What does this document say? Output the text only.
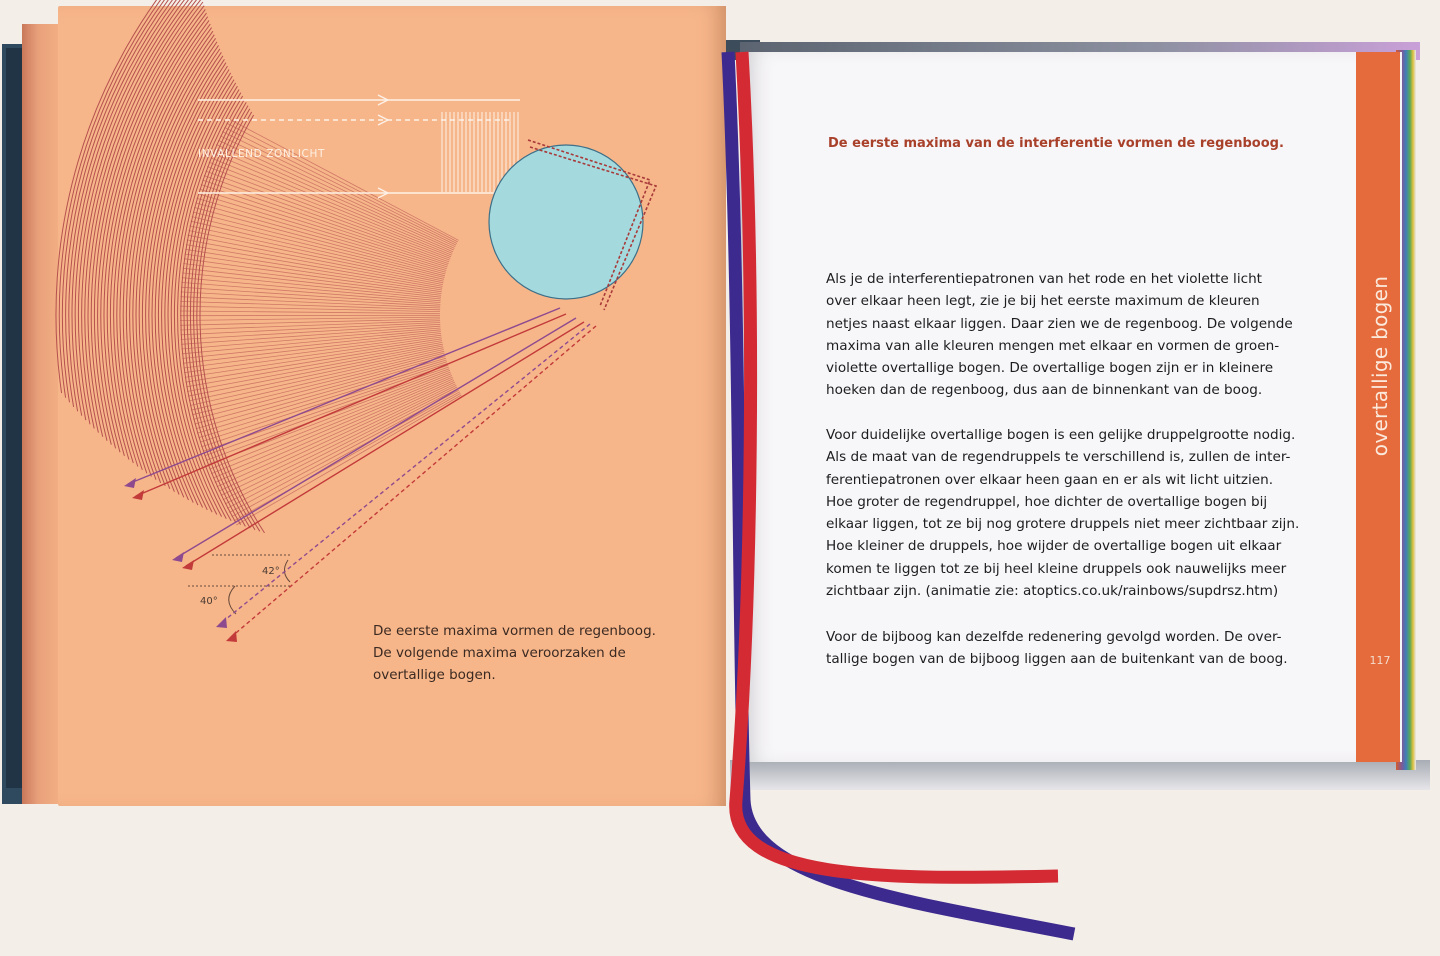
INVALLEND ZONLICHT
42°
40°
De eerste maxima vormen de regenboog.
De volgende maxima veroorzaken de
overtallige bogen.
overtallige bogen
117
De eerste maxima van de interferentie vormen de regenboog.
Als je de interferentiepatronen van het rode en het violette licht
over elkaar heen legt, zie je bij het eerste maximum de kleuren
netjes naast elkaar liggen. Daar zien we de regenboog. De volgende
maxima van alle kleuren mengen met elkaar en vormen de groen-
violette overtallige bogen. De overtallige bogen zijn er in kleinere
hoeken dan de regenboog, dus aan de binnenkant van de boog.
Voor duidelijke overtallige bogen is een gelijke druppelgrootte nodig.
Als de maat van de regendruppels te verschillend is, zullen de inter-
ferentiepatronen over elkaar heen gaan en er als wit licht uitzien.
Hoe groter de regendruppel, hoe dichter de overtallige bogen bij
elkaar liggen, tot ze bij nog grotere druppels niet meer zichtbaar zijn.
Hoe kleiner de druppels, hoe wijder de overtallige bogen uit elkaar
komen te liggen tot ze bij heel kleine druppels ook nauwelijks meer
zichtbaar zijn. (animatie zie: atoptics.co.uk/rainbows/supdrsz.htm)
Voor de bijboog kan dezelfde redenering gevolgd worden. De over-
tallige bogen van de bijboog liggen aan de buitenkant van de boog.
